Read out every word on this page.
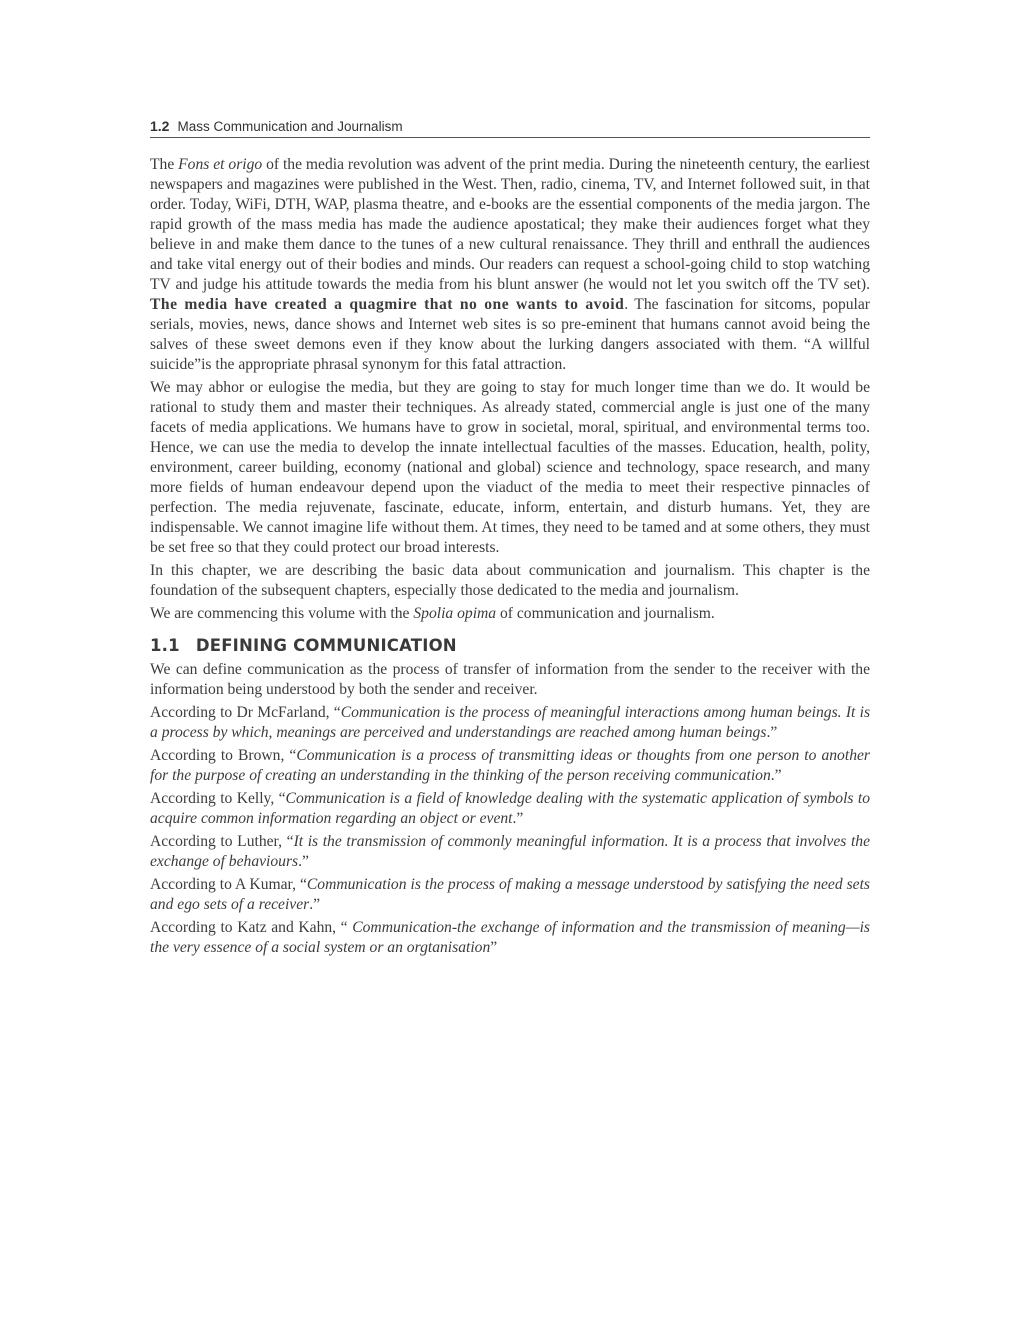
1.2 Mass Communication and Journalism

The Fons et origo of the media revolution was advent of the print media. During the nineteenth century, the earliest newspapers and magazines were published in the West. Then, radio, cinema, TV, and Internet followed suit, in that order. Today, WiFi, DTH, WAP, plasma theatre, and e-books are the essential components of the media jargon. The rapid growth of the mass media has made the audience apostatical; they make their audiences forget what they believe in and make them dance to the tunes of a new cultural renaissance. They thrill and enthrall the audiences and take vital energy out of their bodies and minds. Our readers can request a school-going child to stop watching TV and judge his attitude towards the media from his blunt answer (he would not let you switch off the TV set). The media have created a quagmire that no one wants to avoid. The fascination for sitcoms, popular serials, movies, news, dance shows and Internet web sites is so pre-eminent that humans cannot avoid being the salves of these sweet demons even if they know about the lurking dangers associated with them. “A willful suicide”is the appropriate phrasal synonym for this fatal attraction.

We may abhor or eulogise the media, but they are going to stay for much longer time than we do. It would be rational to study them and master their techniques. As already stated, commercial angle is just one of the many facets of media applications. We humans have to grow in societal, moral, spiritual, and environmental terms too. Hence, we can use the media to develop the innate intellectual faculties of the masses. Education, health, polity, environment, career building, economy (national and global) science and technology, space research, and many more fields of human endeavour depend upon the viaduct of the media to meet their respective pinnacles of perfection. The media rejuvenate, fascinate, educate, inform, entertain, and disturb humans. Yet, they are indispensable. We cannot imagine life without them. At times, they need to be tamed and at some others, they must be set free so that they could protect our broad interests.

In this chapter, we are describing the basic data about communication and journalism. This chapter is the foundation of the subsequent chapters, especially those dedicated to the media and journalism.

We are commencing this volume with the Spolia opima of communication and journalism.

1.1 DEFINING COMMUNICATION

We can define communication as the process of transfer of information from the sender to the receiver with the information being understood by both the sender and receiver.

According to Dr McFarland, “Communication is the process of meaningful interactions among human beings. It is a process by which, meanings are perceived and understandings are reached among human beings.”

According to Brown, “Communication is a process of transmitting ideas or thoughts from one person to another for the purpose of creating an understanding in the thinking of the person receiving communication.”

According to Kelly, “Communication is a field of knowledge dealing with the systematic application of symbols to acquire common information regarding an object or event.”

According to Luther, “It is the transmission of commonly meaningful information. It is a process that involves the exchange of behaviours.”

According to A Kumar, “Communication is the process of making a message understood by satisfying the need sets and ego sets of a receiver.”

According to Katz and Kahn, “ Communication-the exchange of information and the transmission of meaning—is the very essence of a social system or an orgtanisation”
